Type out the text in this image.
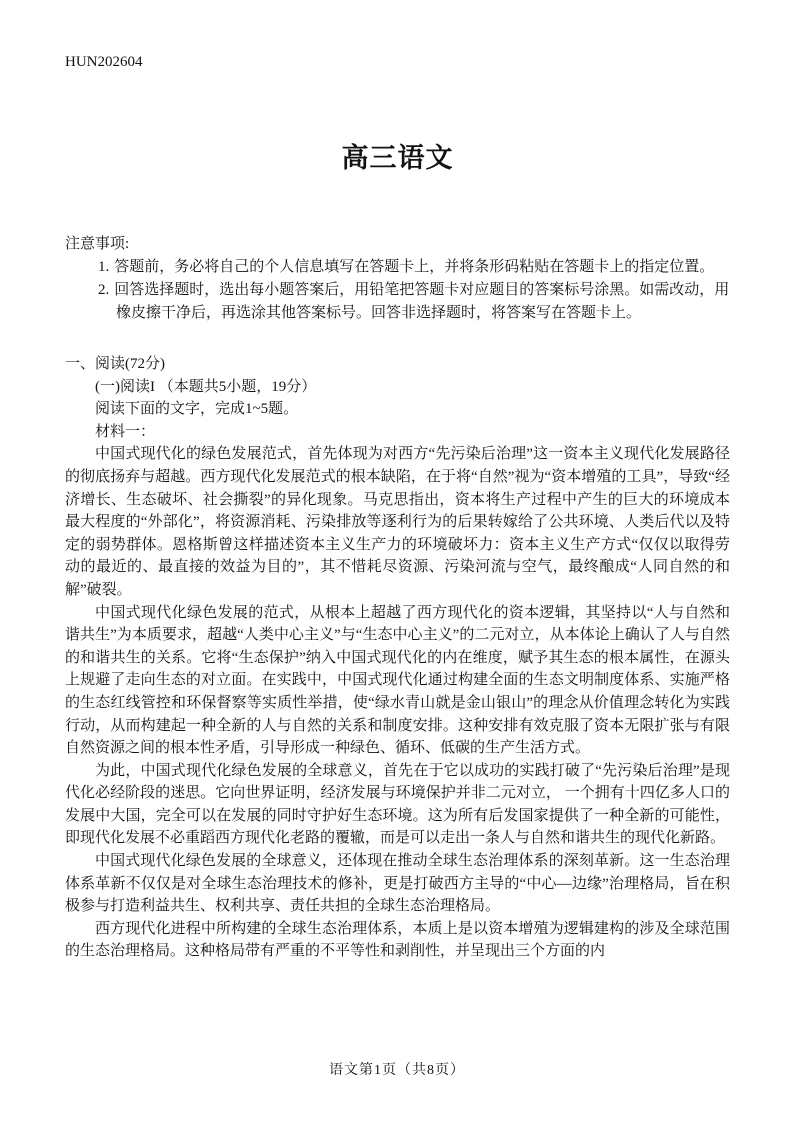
HUN202604
高三语文
注意事项:
1. 答题前，务必将自己的个人信息填写在答题卡上，并将条形码粘贴在答题卡上的指定位置。
2. 回答选择题时，选出每小题答案后，用铅笔把答题卡对应题目的答案标号涂黑。如需改动，用橡皮擦干净后，再选涂其他答案标号。回答非选择题时，将答案写在答题卡上。
一、阅读(72分)
(一)阅读I （本题共5小题，19分）
阅读下面的文字，完成1~5题。
材料一：

中国式现代化的绿色发展范式，首先体现为对西方“先污染后治理”这一资本主义现代化发展路径的彻底扬弃与超越。西方现代化发展范式的根本缺陷，在于将“自然”视为“资本增殖的工具”，导致“经济增长、生态破坏、社会撕裂”的异化现象。马克思指出，资本将生产过程中产生的巨大的环境成本最大程度的“外部化”，将资源消耗、污染排放等逐利行为的后果转嫁给了公共环境、人类后代以及特定的弱势群体。恩格斯曾这样描述资本主义生产力的环境破坏力：资本主义生产方式“仅仅以取得劳动的最近的、最直接的效益为目的”，其不惜耗尽资源、污染河流与空气，最终酿成“人同自然的和解”破裂。

中国式现代化绿色发展的范式，从根本上超越了西方现代化的资本逻辑，其坚持以“人与自然和谐共生”为本质要求，超越“人类中心主义”与“生态中心主义”的二元对立，从本体论上确认了人与自然的和谐共生的关系。它将“生态保护”纳入中国式现代化的内在维度，赋予其生态的根本属性，在源头上规避了走向生态的对立面。在实践中，中国式现代化通过构建全面的生态文明制度体系、实施严格的生态红线管控和环保督察等实质性举措，使“绿水青山就是金山银山”的理念从价值理念转化为实践行动，从而构建起一种全新的人与自然的关系和制度安排。这种安排有效克服了资本无限扩张与有限自然资源之间的根本性矛盾，引导形成一种绿色、循环、低碳的生产生活方式。

为此，中国式现代化绿色发展的全球意义，首先在于它以成功的实践打破了“先污染后治理”是现代化必经阶段的迷思。它向世界证明，经济发展与环境保护并非二元对立， 一个拥有十四亿多人口的发展中大国，完全可以在发展的同时守护好生态环境。这为所有后发国家提供了一种全新的可能性，即现代化发展不必重蹈西方现代化老路的覆辙，而是可以走出一条人与自然和谐共生的现代化新路。

中国式现代化绿色发展的全球意义，还体现在推动全球生态治理体系的深刻革新。这一生态治理体系革新不仅仅是对全球生态治理技术的修补，更是打破西方主导的“中心—边缘”治理格局，旨在积极参与打造利益共生、权利共享、责任共担的全球生态治理格局。

西方现代化进程中所构建的全球生态治理体系，本质上是以资本增殖为逻辑建构的涉及全球范围的生态治理格局。这种格局带有严重的不平等性和剥削性，并呈现出三个方面的内

语文第1页（共8页）
